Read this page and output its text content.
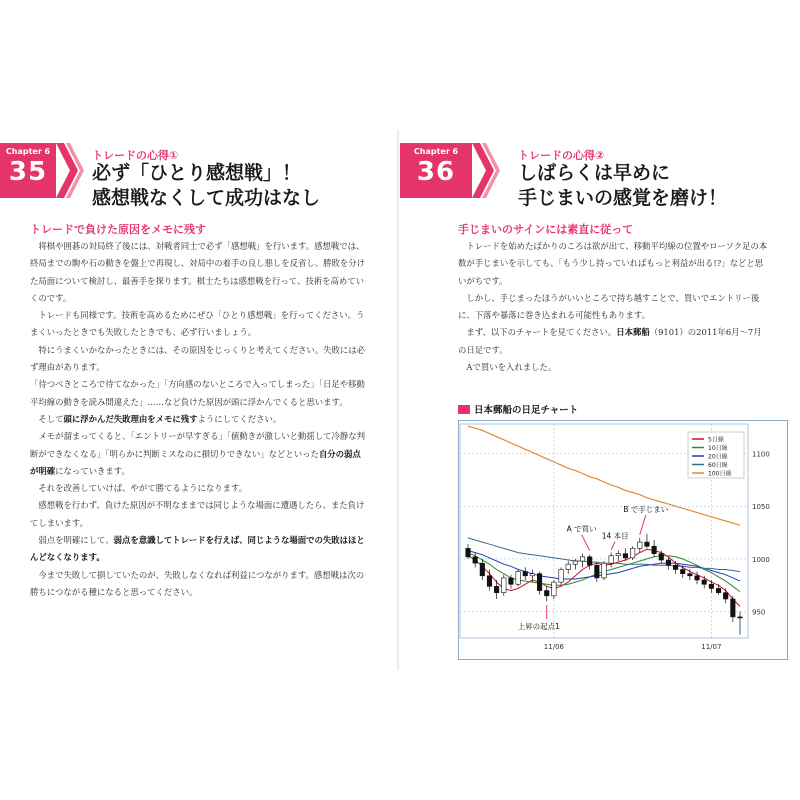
Chapter 6
35
トレードの心得①
必ず「ひとり感想戦」！
感想戦なくして成功はなし
トレードで負けた原因をメモに残す

将棋や囲碁の対局終了後には、対戦者同士で必ず「感想戦」を行います。感想戦では、終局までの駒や石の動きを盤上で再現し、対局中の着手の良し悪しを反省し、勝敗を分けた局面について検討し、最善手を探ります。棋士たちは感想戦を行って、技術を高めていくのです。

トレードも同様です。技術を高めるためにぜひ「ひとり感想戦」を行ってください。うまくいったときでも失敗したときでも、必ず行いましょう。

特にうまくいかなかったときには、その原因をじっくりと考えてください。失敗には必ず理由があります。

「待つべきところで待てなかった」「方向感のないところで入ってしまった」「日足や移動平均線の動きを読み間違えた」……など負けた原因が頭に浮かんでくると思います。

そして頭に浮かんだ失敗理由をメモに残すようにしてください。

メモが溜まってくると、「エントリーが早すぎる」「値動きが激しいと動揺して冷静な判断ができなくなる」「明らかに判断ミスなのに損切りできない」などといった自分の弱点が明確になっていきます。

それを改善していけば、やがて勝てるようになります。

感想戦を行わず、負けた原因が不明なままでは同じような場面に遭遇したら、また負けてしまいます。

弱点を明確にして、弱点を意識してトレードを行えば、同じような場面での失敗はほとんどなくなります。

今まで失敗して損していたのが、失敗しなくなれば利益につながります。感想戦は次の勝ちにつながる種になると思ってください。

Chapter 6
36
トレードの心得②
しばらくは早めに
手じまいの感覚を磨け！
手じまいのサインには素直に従って

トレードを始めたばかりのころは欲が出て、移動平均線の位置やローソク足の本数が手じまいを示しても、「もう少し持っていればもっと利益が出る!?」などと思いがちです。

しかし、手じまったほうがいいところで持ち越すことで、買いでエントリー後に、下落や暴落に巻き込まれる可能性もあります。

まず、以下のチャートを見てください。日本郵船（9101）の2011年6月～7月の日足です。

Aで買いを入れました。

日本郵船の日足チャート
1100
1050
1000
950
11/06	11/07
5日線
10日線
20日線
60日線
100日線
A で買い
B で手じまい
14 本目
上昇の起点1
